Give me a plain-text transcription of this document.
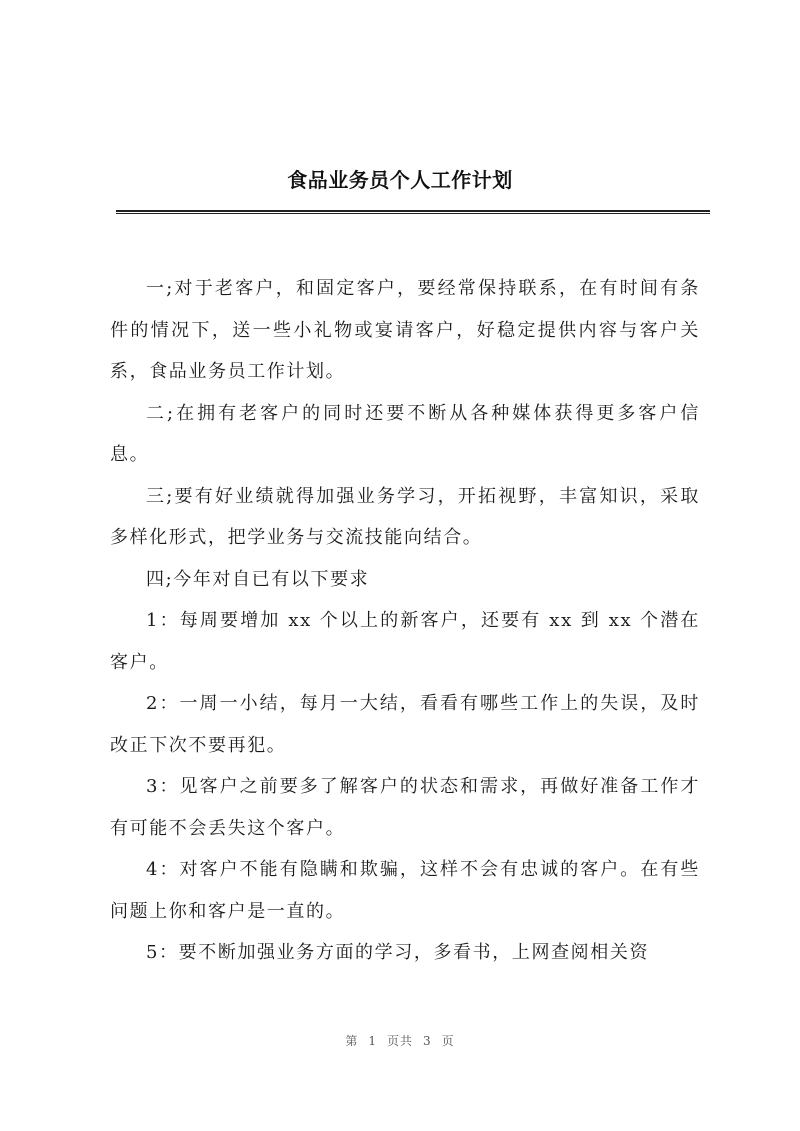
食品业务员个人工作计划

一;对于老客户，和固定客户，要经常保持联系，在有时间有条件的情况下，送一些小礼物或宴请客户，好稳定提供内容与客户关系，食品业务员工作计划。

二;在拥有老客户的同时还要不断从各种媒体获得更多客户信息。

三;要有好业绩就得加强业务学习，开拓视野，丰富知识，采取多样化形式，把学业务与交流技能向结合。

四;今年对自已有以下要求

1：每周要增加 xx 个以上的新客户，还要有 xx 到 xx 个潜在客户。

2：一周一小结，每月一大结，看看有哪些工作上的失误，及时改正下次不要再犯。

3：见客户之前要多了解客户的状态和需求，再做好准备工作才有可能不会丢失这个客户。

4：对客户不能有隐瞒和欺骗，这样不会有忠诚的客户。在有些问题上你和客户是一直的。

5：要不断加强业务方面的学习，多看书，上网查阅相关资

第 1 页共 3 页
